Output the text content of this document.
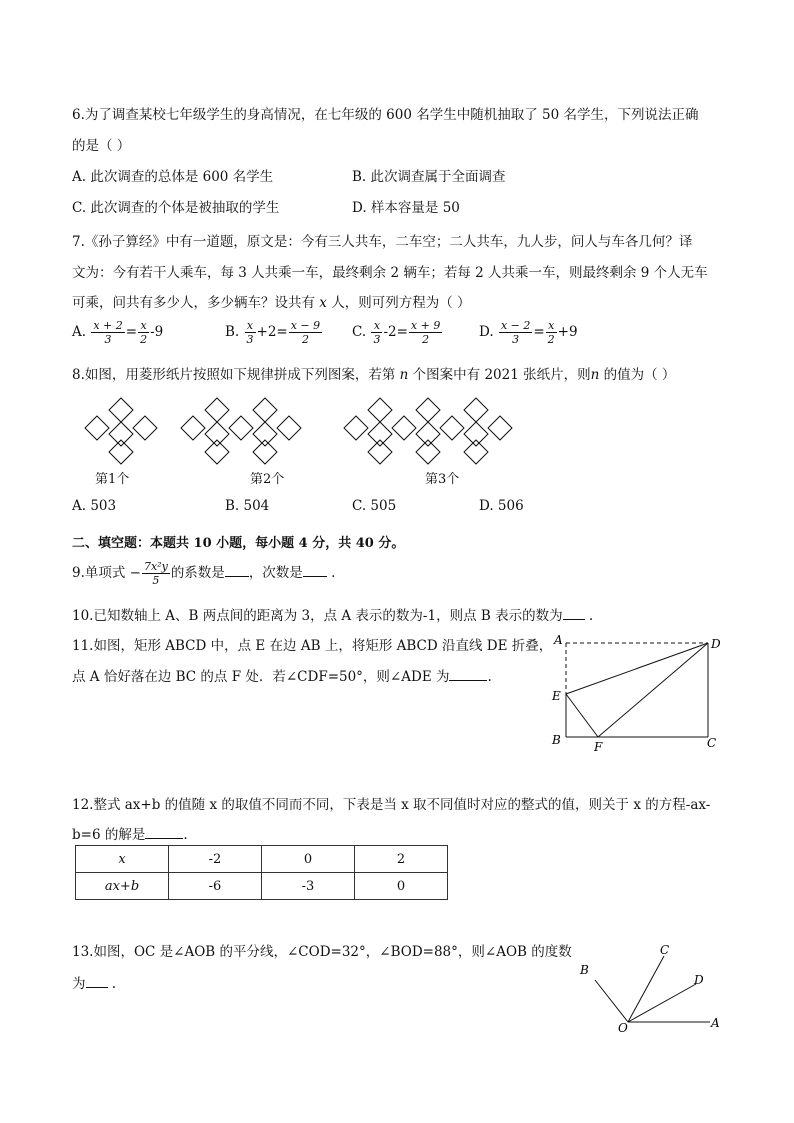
6.为了调查某校七年级学生的身高情况，在七年级的 600 名学生中随机抽取了 50 名学生，下列说法正确
的是（ ）
A. 此次调查的总体是 600 名学生	B. 此次调查属于全面调查
C. 此次调查的个体是被抽取的学生	D. 样本容量是 50
7.《孙子算经》中有一道题，原文是：今有三人共车，二车空；二人共车，九人步，问人与车各几何？译
文为：今有若干人乘车，每 3 人共乘一车，最终剩余 2 辆车；若每 2 人共乘一车，则最终剩余 9 个人无车
可乘，问共有多少人，多少辆车？设共有 x 人，则可列方程为（ ）
A. $\frac{x + 2}{3} = \frac{x}{2} -9$	B. $\frac{x}{3} +2= \frac{x - 9}{2} C$. $\frac{x}{3} -2= \frac{x + 9}{2}$	D. $\frac{x - 2}{3} = \frac{x}{2} +9$
8.如图，用菱形纸片按照如下规律拼成下列图案，若第 n 个图案中有 2021 张纸片，则n 的值为（ ）
第1个	第2个	第3个
A. 503	B. 504	C. 505	D. 506
二、填空题：本题共 10 小题，每小题 4 分，共 40 分。
9.单项式 − $\frac{\text{7x²y}}{5}$ 的系数是 ，次数是 .
10.已知数轴上 A、B 两点间的距离为 3，点 A 表示的数为-1，则点 B 表示的数为 .
11.如图，矩形 ABCD 中，点 E 在边 AB 上，将矩形 ABCD 沿直线 DE 折叠，
点 A 恰好落在边 BC 的点 F 处．若∠CDF=50°，则∠ADE 为	.
A	D
E
B	F	C
12.整式 ax+b 的值随 x 的取值不同而不同，下表是当 x 取不同值时对应的整式的值，则关于 x 的方程-ax-
b=6 的解是	.
x	-2	0	2
ax+b	-6	-3	0
13.如图，OC 是∠AOB 的平分线，∠COD=32°，∠BOD=88°，则∠AOB 的度数
为 .
O	A
B
C
D
